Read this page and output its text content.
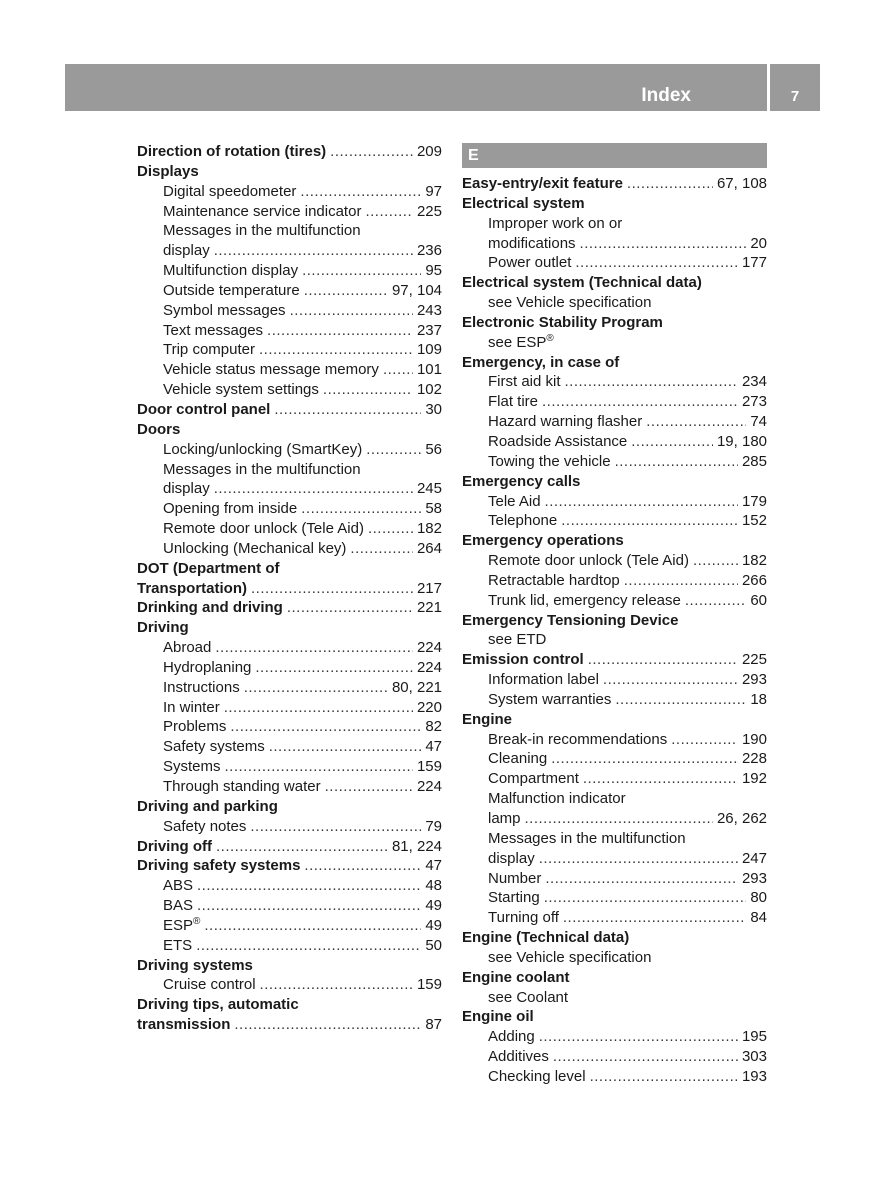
Index	7
Direction of rotation (tires) .....	209
Displays
Digital speedometer .....	97
Maintenance service indicator .....	225
Messages in the multifunction
display .....	236
Multifunction display .....	95
Outside temperature .....	97, 104
Symbol messages .....	243
Text messages .....	237
Trip computer .....	109
Vehicle status message memory .....	101
Vehicle system settings .....	102
Door control panel .....	30
Doors
Locking/unlocking (SmartKey) .....	56
Messages in the multifunction
display .....	245
Opening from inside .....	58
Remote door unlock (Tele Aid) .....	182
Unlocking (Mechanical key) .....	264
DOT (Department of
Transportation) .....	217
Drinking and driving .....	221
Driving
Abroad .....	224
Hydroplaning .....	224
Instructions .....	80, 221
In winter .....	220
Problems .....	82
Safety systems .....	47
Systems .....	159
Through standing water .....	224
Driving and parking
Safety notes .....	79
Driving off .....	81, 224
Driving safety systems .....	47
ABS .....	48
BAS .....	49
ESP® .....	49
ETS .....	50
Driving systems
Cruise control .....	159
Driving tips, automatic
transmission .....	87
E
Easy-entry/exit feature .....	67, 108
Electrical system
Improper work on or
modifications .....	20
Power outlet .....	177
Electrical system (Technical data)
see Vehicle specification
Electronic Stability Program
see ESP®
Emergency, in case of
First aid kit .....	234
Flat tire .....	273
Hazard warning flasher .....	74
Roadside Assistance .....	19, 180
Towing the vehicle .....	285
Emergency calls
Tele Aid .....	179
Telephone .....	152
Emergency operations
Remote door unlock (Tele Aid) .....	182
Retractable hardtop .....	266
Trunk lid, emergency release .....	60
Emergency Tensioning Device
see ETD
Emission control .....	225
Information label .....	293
System warranties .....	18
Engine
Break-in recommendations .....	190
Cleaning .....	228
Compartment .....	192
Malfunction indicator
lamp .....	26, 262
Messages in the multifunction
display .....	247
Number .....	293
Starting .....	80
Turning off .....	84
Engine (Technical data)
see Vehicle specification
Engine coolant
see Coolant
Engine oil
Adding .....	195
Additives .....	303
Checking level .....	193
